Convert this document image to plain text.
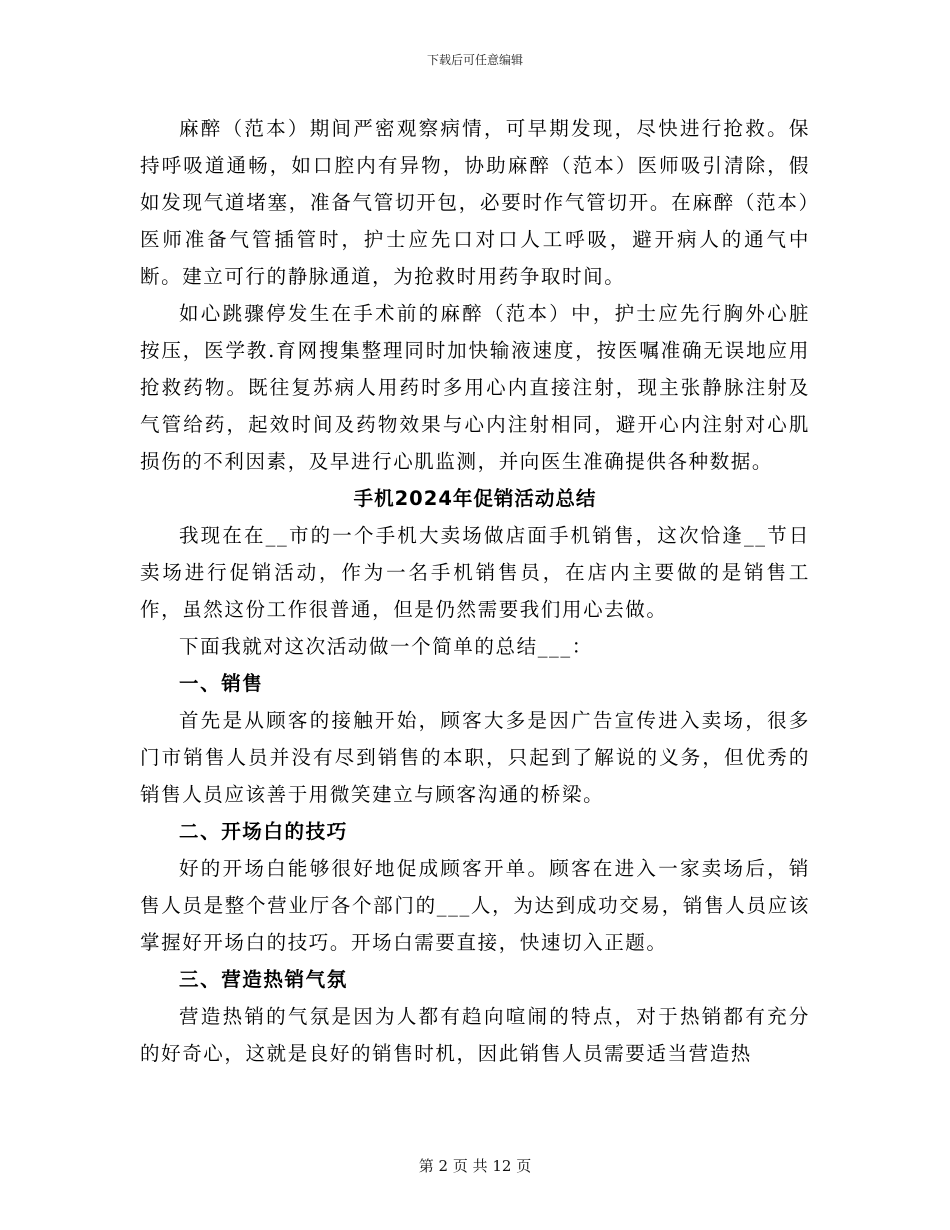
下载后可任意编辑

麻醉（范本）期间严密观察病情，可早期发现，尽快进行抢救。保持呼吸道通畅，如口腔内有异物，协助麻醉（范本）医师吸引清除，假如发现气道堵塞，准备气管切开包，必要时作气管切开。在麻醉（范本）医师准备气管插管时，护士应先口对口人工呼吸，避开病人的通气中断。建立可行的静脉通道，为抢救时用药争取时间。

如心跳骤停发生在手术前的麻醉（范本）中，护士应先行胸外心脏按压，医学教.育网搜集整理同时加快输液速度，按医嘱准确无误地应用抢救药物。既往复苏病人用药时多用心内直接注射，现主张静脉注射及气管给药，起效时间及药物效果与心内注射相同，避开心内注射对心肌损伤的不利因素，及早进行心肌监测，并向医生准确提供各种数据。

手机2024年促销活动总结

我现在在__市的一个手机大卖场做店面手机销售，这次恰逢__节日卖场进行促销活动，作为一名手机销售员，在店内主要做的是销售工作，虽然这份工作很普通，但是仍然需要我们用心去做。

下面我就对这次活动做一个简单的总结___：

一、销售

首先是从顾客的接触开始，顾客大多是因广告宣传进入卖场，很多门市销售人员并没有尽到销售的本职，只起到了解说的义务，但优秀的销售人员应该善于用微笑建立与顾客沟通的桥梁。

二、开场白的技巧

好的开场白能够很好地促成顾客开单。顾客在进入一家卖场后，销售人员是整个营业厅各个部门的___人，为达到成功交易，销售人员应该掌握好开场白的技巧。开场白需要直接，快速切入正题。

三、营造热销气氛

营造热销的气氛是因为人都有趋向喧闹的特点，对于热销都有充分的好奇心，这就是良好的销售时机，因此销售人员需要适当营造热

第 2 页 共 12 页
